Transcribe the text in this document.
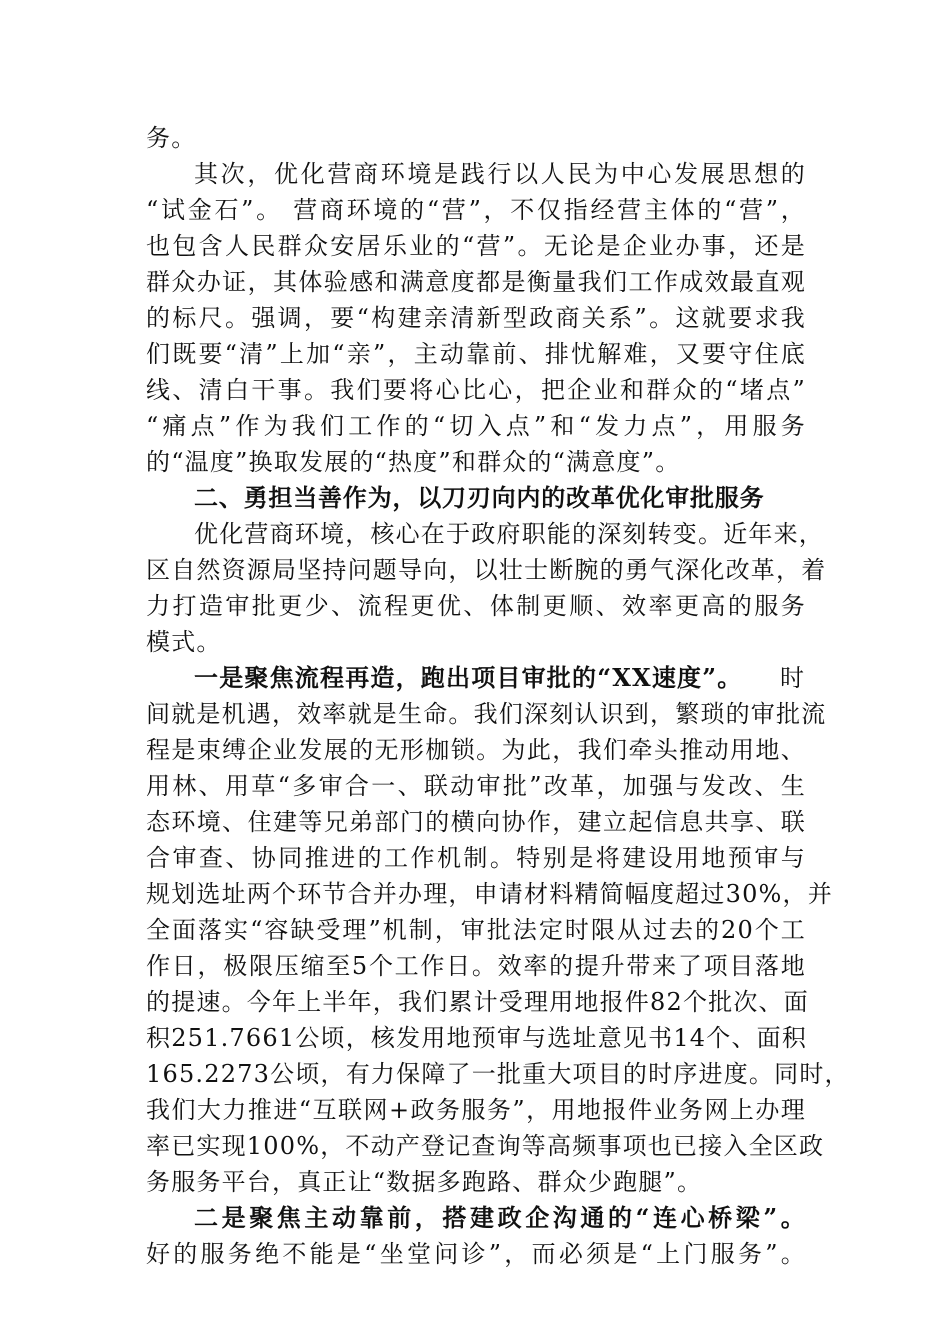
务。
其次，优化营商环境是践行以人民为中心发展思想的
“试金石”。 营商环境的“营”，不仅指经营主体的“营”，
也包含人民群众安居乐业的“营”。无论是企业办事，还是
群众办证，其体验感和满意度都是衡量我们工作成效最直观
的标尺。强调，要“构建亲清新型政商关系”。这就要求我
们既要“清”上加“亲”，主动靠前、排忧解难，又要守住底
线、清白干事。我们要将心比心，把企业和群众的“堵点”
“痛点”作为我们工作的“切入点”和“发力点”，用服务
的“温度”换取发展的“热度”和群众的“满意度”。
二、勇担当善作为，以刀刃向内的改革优化审批服务
优化营商环境，核心在于政府职能的深刻转变。近年来，
区自然资源局坚持问题导向，以壮士断腕的勇气深化改革，着
力打造审批更少、流程更优、体制更顺、效率更高的服务
模式。
一是聚焦流程再造，跑出项目审批的“XX速度”。	时
间就是机遇，效率就是生命。我们深刻认识到，繁琐的审批流
程是束缚企业发展的无形枷锁。为此，我们牵头推动用地、
用林、用草“多审合一、联动审批”改革，加强与发改、生
态环境、住建等兄弟部门的横向协作，建立起信息共享、联
合审查、协同推进的工作机制。特别是将建设用地预审与
规划选址两个环节合并办理，申请材料精简幅度超过30%，并
全面落实“容缺受理”机制，审批法定时限从过去的20个工
作日，极限压缩至5个工作日。效率的提升带来了项目落地
的提速。今年上半年，我们累计受理用地报件82个批次、面
积251.7661公顷，核发用地预审与选址意见书14个、面积
165.2273公顷，有力保障了一批重大项目的时序进度。同时，
我们大力推进“互联网+政务服务”，用地报件业务网上办理
率已实现100%，不动产登记查询等高频事项也已接入全区政
务服务平台，真正让“数据多跑路、群众少跑腿”。
二是聚焦主动靠前，搭建政企沟通的“连心桥梁”。
好的服务绝不能是“坐堂问诊”，而必须是“上门服务”。
